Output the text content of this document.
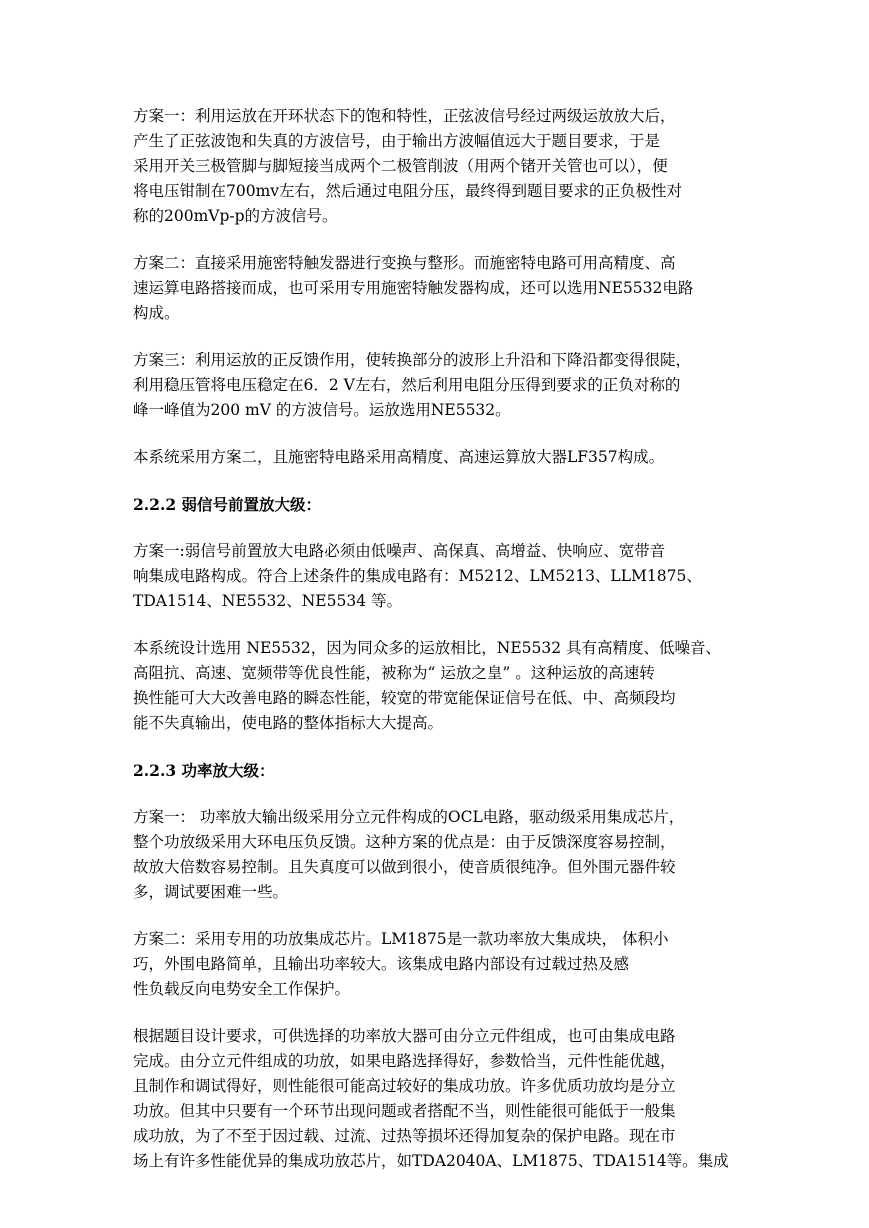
方案一：利用运放在开环状态下的饱和特性，正弦波信号经过两级运放放大后，
产生了正弦波饱和失真的方波信号，由于输出方波幅值远大于题目要求，于是
采用开关三极管脚与脚短接当成两个二极管削波（用两个锗开关管也可以），便
将电压钳制在700mv左右，然后通过电阻分压，最终得到题目要求的正负极性对
称的200mVp-p的方波信号。
方案二：直接采用施密特触发器进行变换与整形。而施密特电路可用高精度、高
速运算电路搭接而成，也可采用专用施密特触发器构成，还可以选用NE5532电路
构成。
方案三：利用运放的正反馈作用，使转换部分的波形上升沿和下降沿都变得很陡，
利用稳压管将电压稳定在6．2 V左右，然后利用电阻分压得到要求的正负对称的
峰一峰值为200 mV 的方波信号。运放选用NE5532。
本系统采用方案二，且施密特电路采用高精度、高速运算放大器LF357构成。
2.2.2 弱信号前置放大级：
方案一:弱信号前置放大电路必须由低噪声、高保真、高增益、快响应、宽带音
响集成电路构成。符合上述条件的集成电路有：M5212、LM5213、LLM1875、
TDA1514、NE5532、NE5534 等。
本系统设计选用 NE5532，因为同众多的运放相比，NE5532 具有高精度、低噪音、
高阻抗、高速、宽频带等优良性能，被称为“ 运放之皇” 。这种运放的高速转
换性能可大大改善电路的瞬态性能，较宽的带宽能保证信号在低、中、高频段均
能不失真输出，使电路的整体指标大大提高。
2.2.3 功率放大级：
方案一： 功率放大输出级采用分立元件构成的OCL电路，驱动级采用集成芯片，
整个功放级采用大环电压负反馈。这种方案的优点是：由于反馈深度容易控制，
故放大倍数容易控制。且失真度可以做到很小，使音质很纯净。但外围元器件较
多，调试要困难一些。
方案二：采用专用的功放集成芯片。LM1875是一款功率放大集成块， 体积小
巧，外围电路简单，且输出功率较大。该集成电路内部设有过载过热及感
性负载反向电势安全工作保护。
根据题目设计要求，可供选择的功率放大器可由分立元件组成，也可由集成电路
完成。由分立元件组成的功放，如果电路选择得好，参数恰当，元件性能优越，
且制作和调试得好，则性能很可能高过较好的集成功放。许多优质功放均是分立
功放。但其中只要有一个环节出现问题或者搭配不当，则性能很可能低于一般集
成功放，为了不至于因过载、过流、过热等损坏还得加复杂的保护电路。现在市
场上有许多性能优异的集成功放芯片，如TDA2040A、LM1875、TDA1514等。集成
